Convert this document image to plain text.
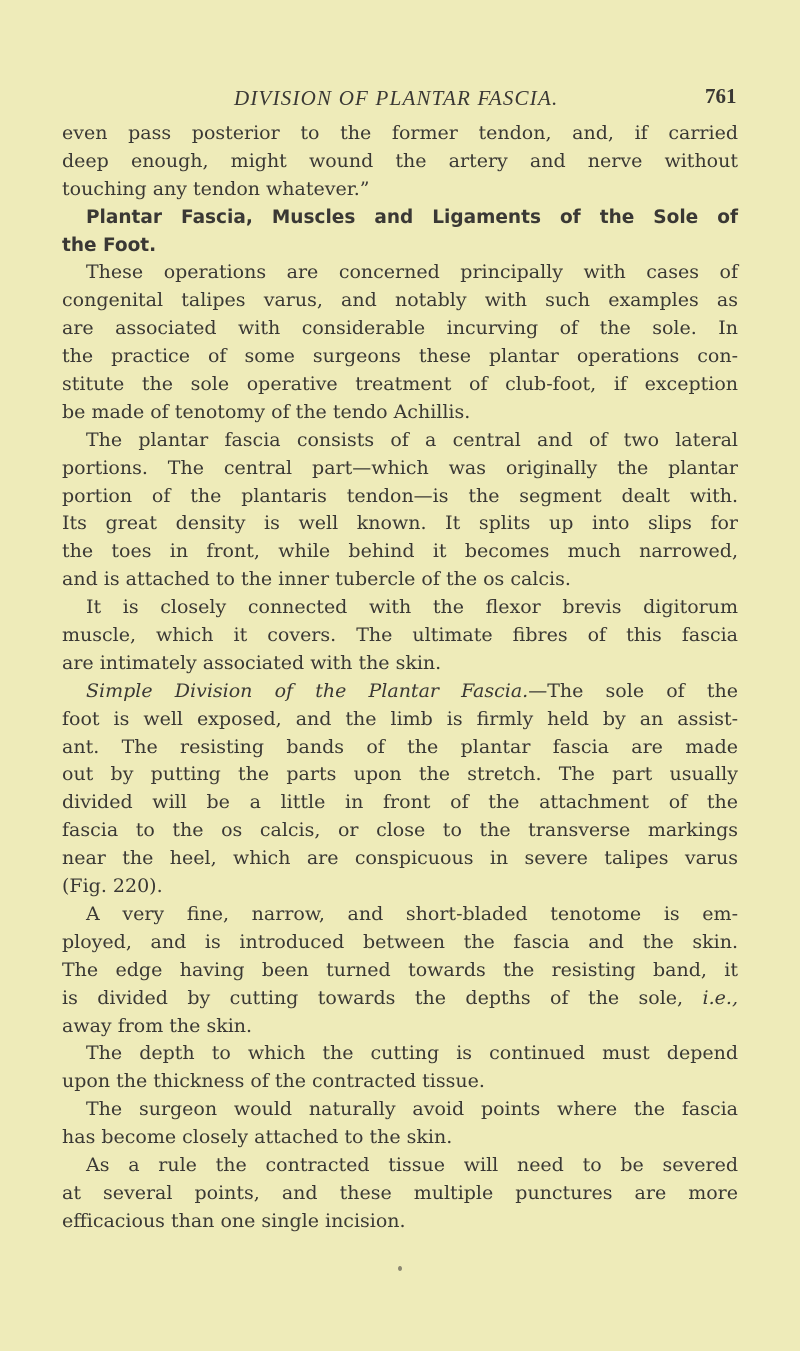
DIVISION OF PLANTAR FASCIA.	761
even pass posterior to the former tendon, and, if carried
deep enough, might wound the artery and nerve without
touching any tendon whatever.”
Plantar Fascia, Muscles and Ligaments of the Sole of
the Foot.
These operations are concerned principally with cases of
congenital talipes varus, and notably with such examples as
are associated with considerable incurving of the sole. In
the practice of some surgeons these plantar operations con-
stitute the sole operative treatment of club-foot, if exception
be made of tenotomy of the tendo Achillis.
The plantar fascia consists of a central and of two lateral
portions. The central part—which was originally the plantar
portion of the plantaris tendon—is the segment dealt with.
Its great density is well known. It splits up into slips for
the toes in front, while behind it becomes much narrowed,
and is attached to the inner tubercle of the os calcis.
It is closely connected with the flexor brevis digitorum
muscle, which it covers. The ultimate fibres of this fascia
are intimately associated with the skin.
Simple Division of the Plantar Fascia.—The sole of the
foot is well exposed, and the limb is firmly held by an assist-
ant. The resisting bands of the plantar fascia are made
out by putting the parts upon the stretch. The part usually
divided will be a little in front of the attachment of the
fascia to the os calcis, or close to the transverse markings
near the heel, which are conspicuous in severe talipes varus
(Fig. 220).
A very fine, narrow, and short-bladed tenotome is em-
ployed, and is introduced between the fascia and the skin.
The edge having been turned towards the resisting band, it
is divided by cutting towards the depths of the sole, i.e.,
away from the skin.
The depth to which the cutting is continued must depend
upon the thickness of the contracted tissue.
The surgeon would naturally avoid points where the fascia
has become closely attached to the skin.
As a rule the contracted tissue will need to be severed
at several points, and these multiple punctures are more
efficacious than one single incision.
